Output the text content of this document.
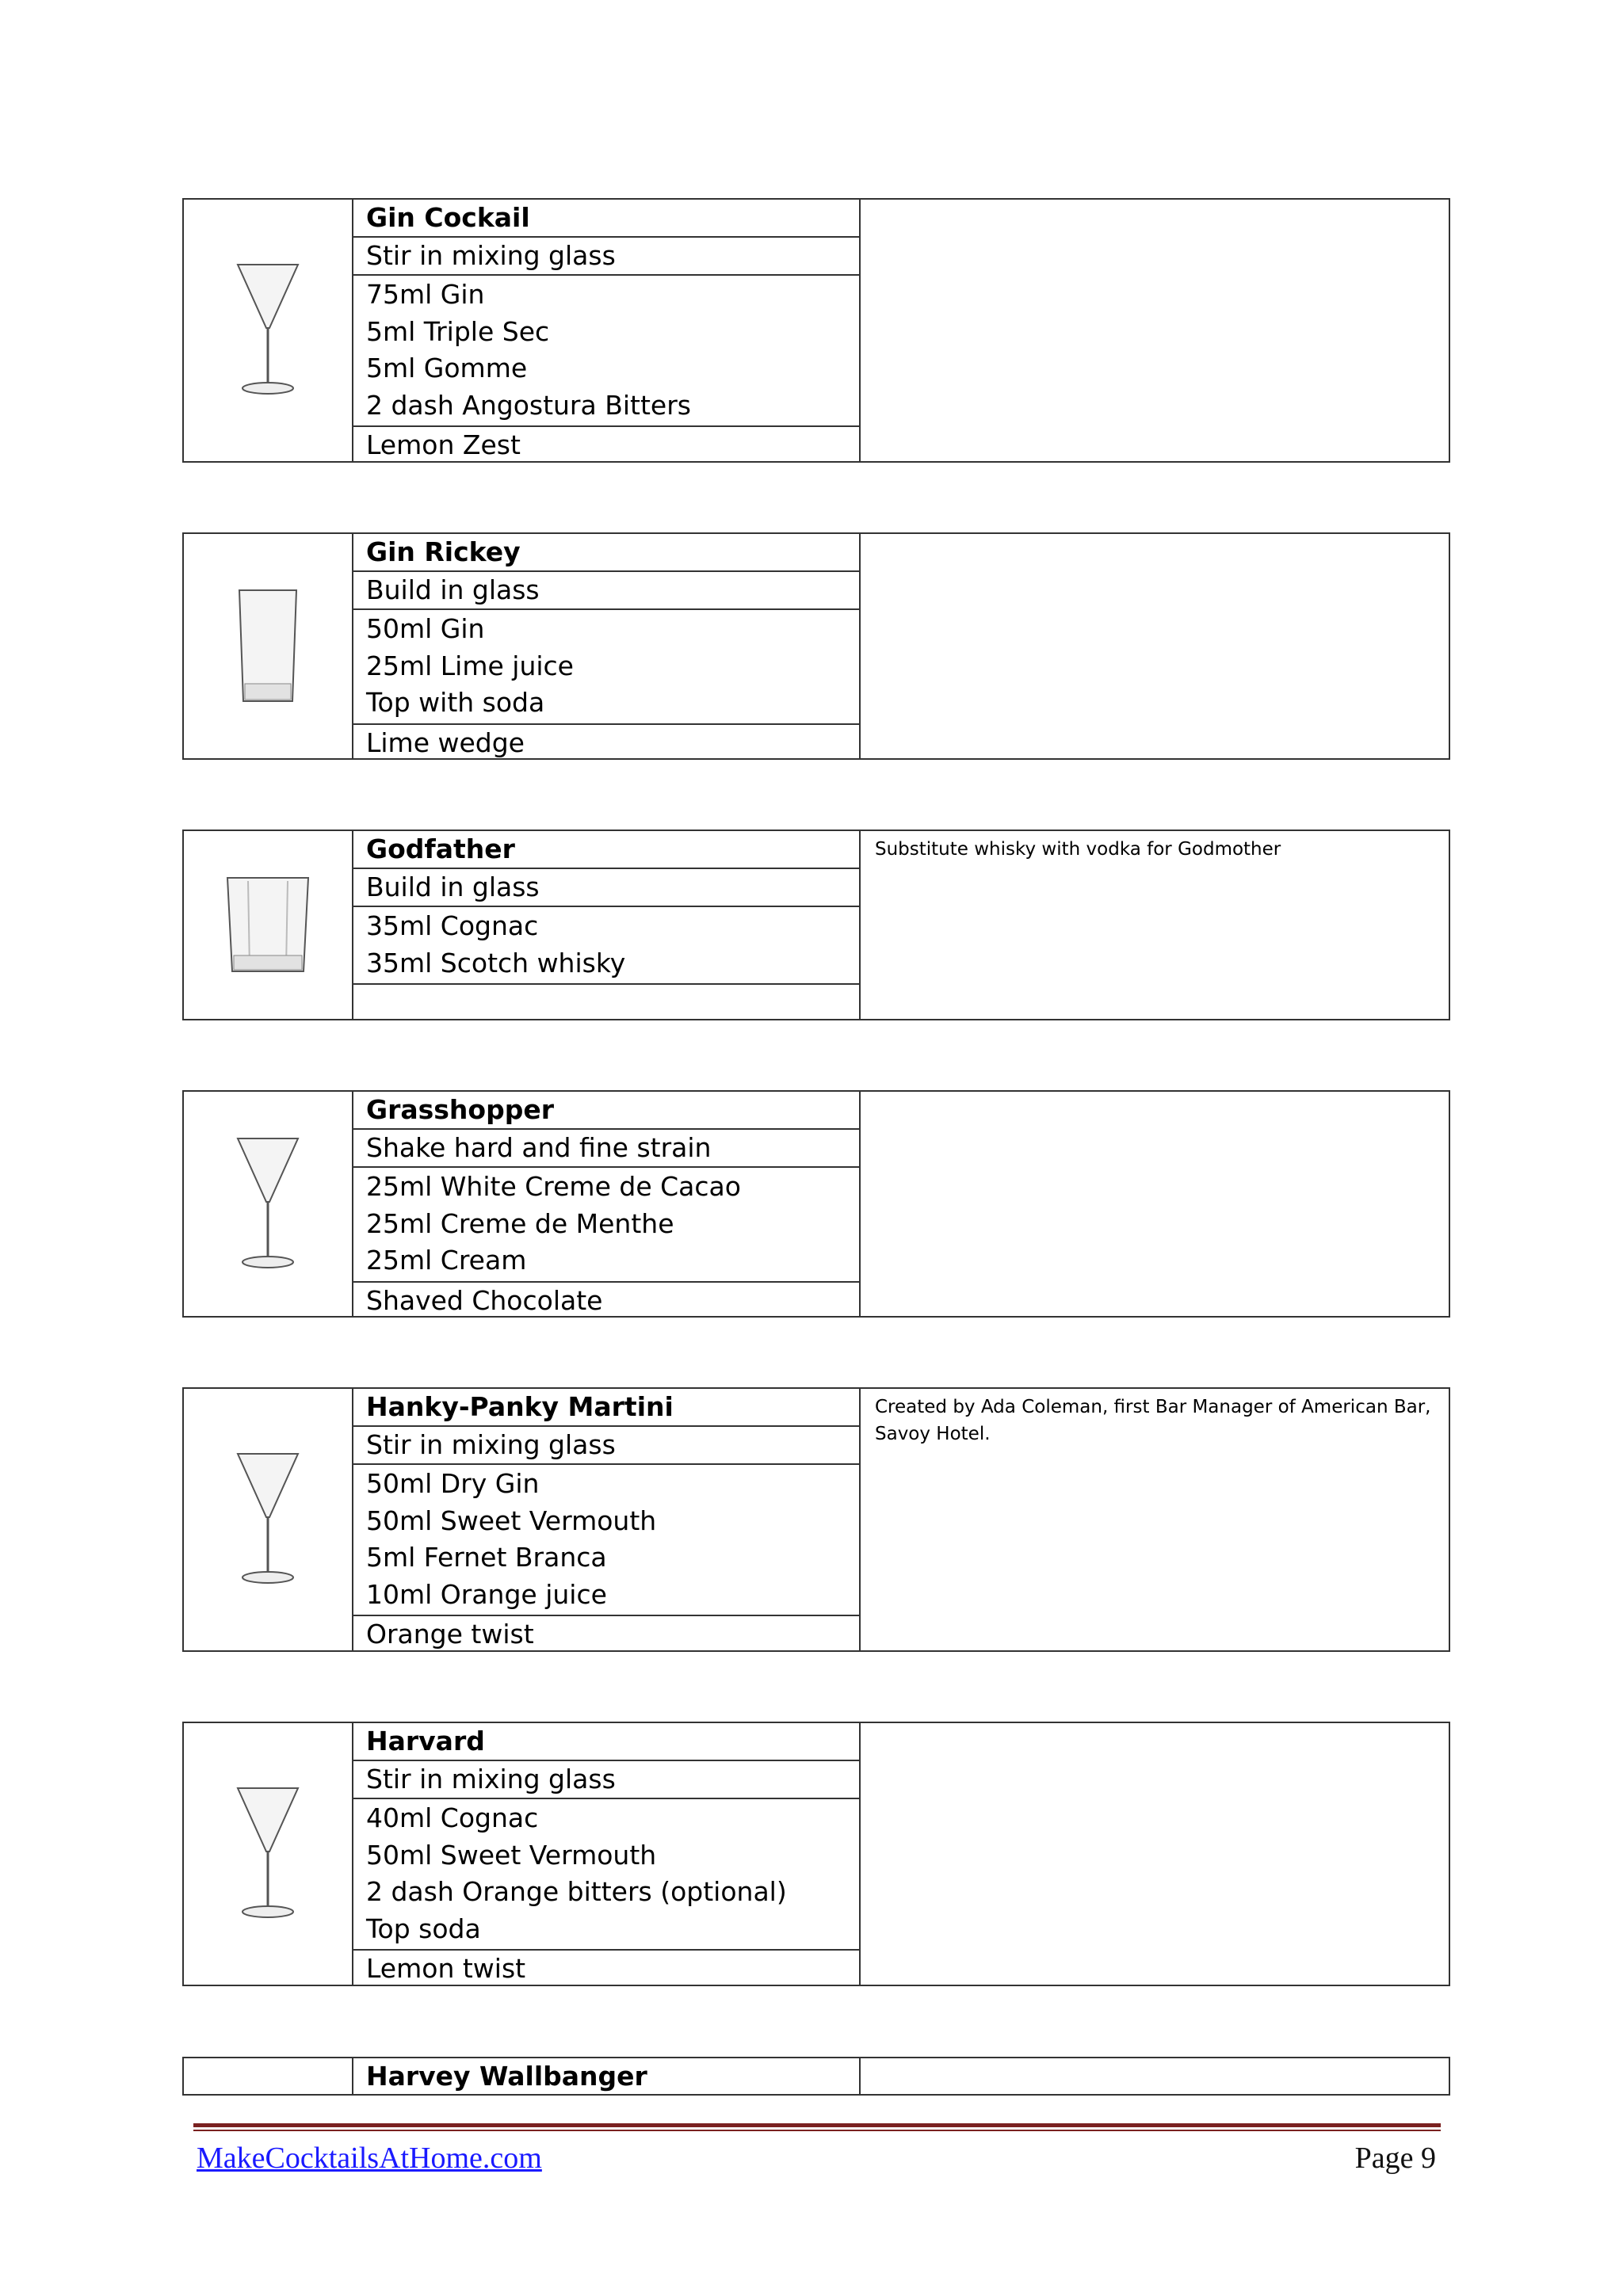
Gin Cockail
Stir in mixing glass
75ml Gin
5ml Triple Sec
5ml Gomme
2 dash Angostura Bitters
Lemon Zest
Gin Rickey
Build in glass
50ml Gin
25ml Lime juice
Top with soda
Lime wedge
Godfather
Build in glass
35ml Cognac
35ml Scotch whisky
Substitute whisky with vodka for Godmother
Grasshopper
Shake hard and fine strain
25ml White Creme de Cacao
25ml Creme de Menthe
25ml Cream
Shaved Chocolate
Hanky-Panky Martini
Stir in mixing glass
50ml Dry Gin
50ml Sweet Vermouth
5ml Fernet Branca
10ml Orange juice
Orange twist
Created by Ada Coleman, first Bar Manager of American Bar, Savoy Hotel.
Harvard
Stir in mixing glass
40ml Cognac
50ml Sweet Vermouth
2 dash Orange bitters (optional)
Top soda
Lemon twist
Harvey Wallbanger
MakeCocktailsAtHome.com	Page 9
